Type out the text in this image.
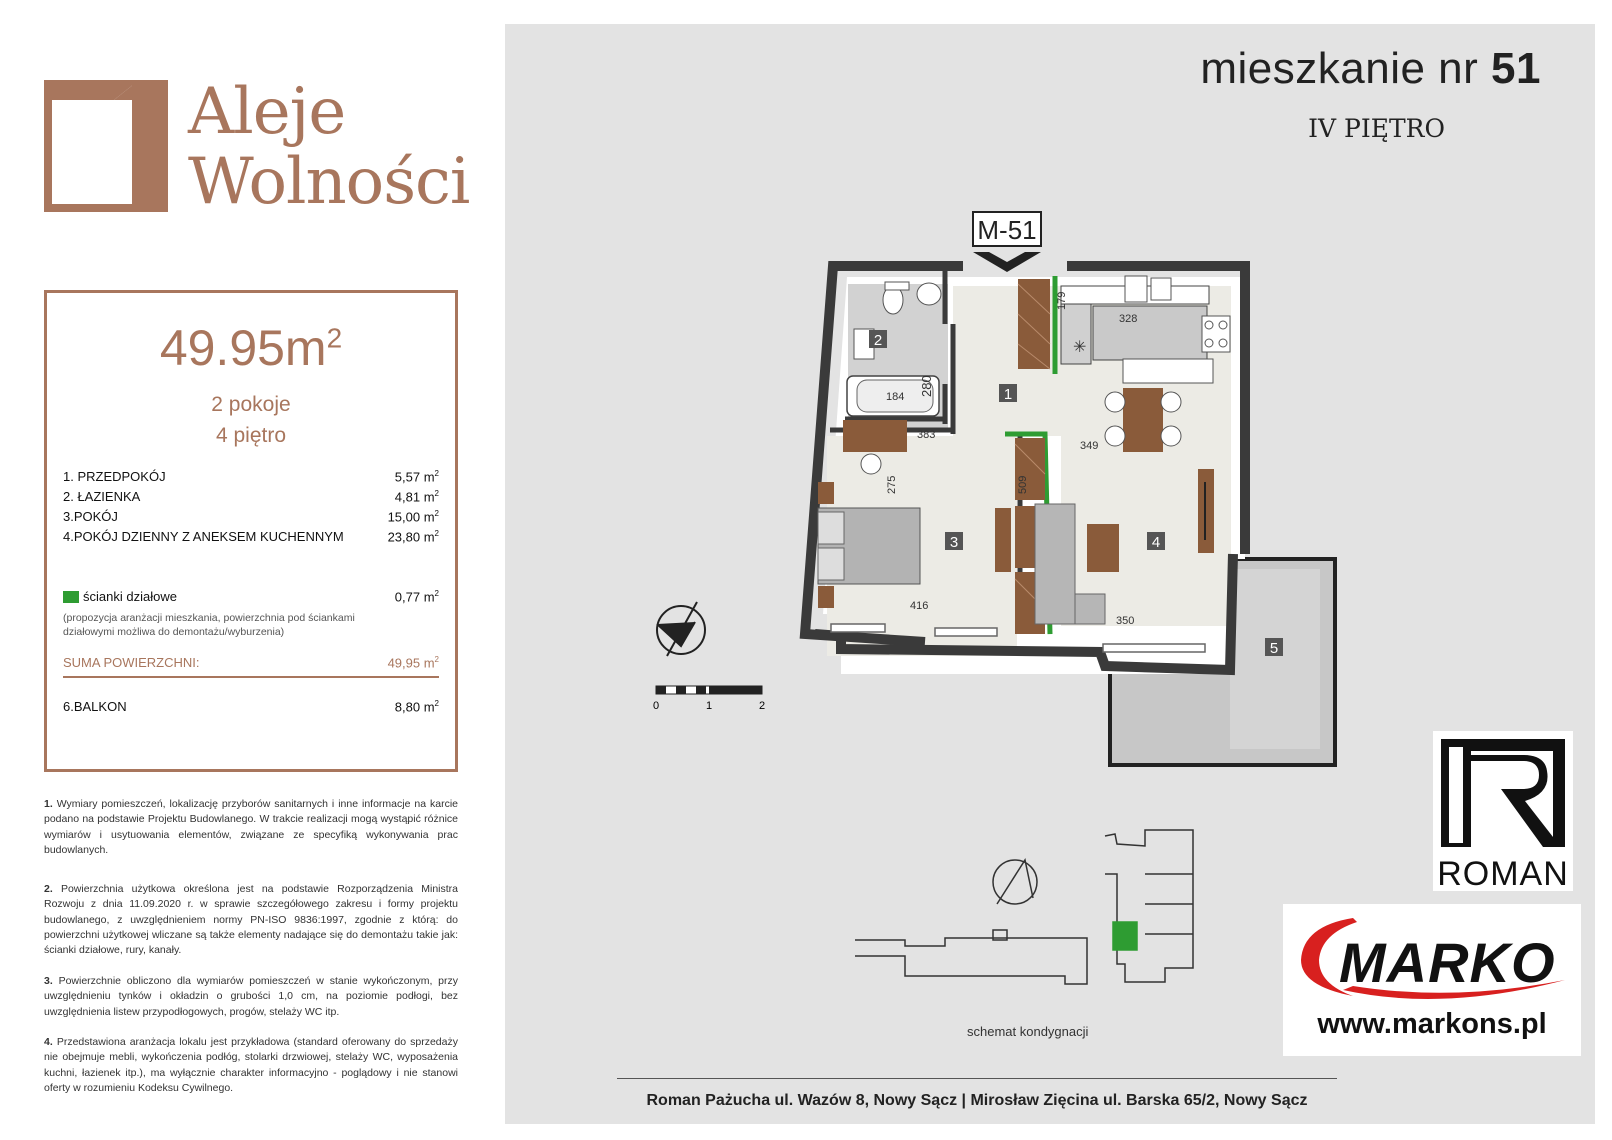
Aleje
Wolności
$49.95m^2$
2 pokoje
4 piętro
1. PRZEDPOKÓJ	5,57 $m^2$
2. ŁAZIENKA	4,81 $m^2$
3.POKÓJ	15,00 $m^2$
4.POKÓJ DZIENNY Z ANEKSEM KUCHENNYM	23,80 $m^2$
ścianki działowe	0,77 $m^2$
(propozycja aranżacji mieszkania, powierzchnia pod ściankami działowymi możliwa do demontażu/wyburzenia)
SUMA POWIERZCHNI:	49,95 $m^2$
6.BALKON	8,80 $m^2$
1. Wymiary pomieszczeń, lokalizację przyborów sanitarnych i inne informacje na karcie podano na podstawie Projektu Budowlanego. W trakcie realizacji mogą wystąpić różnice wymiarów i usytuowania elementów, związane ze specyfiką wykonywania prac budowlanych.
2. Powierzchnia użytkowa określona jest na podstawie Rozporządzenia Ministra Rozwoju z dnia 11.09.2020 r. w sprawie szczegółowego zakresu i formy projektu budowlanego, z uwzględnieniem normy PN-ISO 9836:1997, zgodnie z którą: do powierzchni użytkowej wliczane są także elementy nadające się do demontażu takie jak: ścianki działowe, rury, kanały.
3. Powierzchnie obliczono dla wymiarów pomieszczeń w stanie wykończonym, przy uwzględnieniu tynków i okładzin o grubości 1,0 cm, na poziomie podłogi, bez uwzględnienia listew przypodłogowych, progów, stelaży WC itp.
4. Przedstawiona aranżacja lokalu jest przykładowa (standard oferowany do sprzedaży nie obejmuje mebli, wykończenia podłóg, stolarki drzwiowej, stelaży WC, wyposażenia kuchni, łazienek itp.), ma wyłącznie charakter informacyjno - poglądowy i nie stanowi oferty w rozumieniu Kodeksu Cywilnego.
mieszkanie nr 51
IV PIĘTRO
M-51
280
184
✳
328
179
349
509
350
383
275
416
1
2
3	4
5
0	1	2
schemat kondygnacji
ROMAN
MARKO
www.markons.pl
Roman Pażucha ul. Wazów 8, Nowy Sącz | Mirosław Zięcina ul. Barska 65/2, Nowy Sącz
